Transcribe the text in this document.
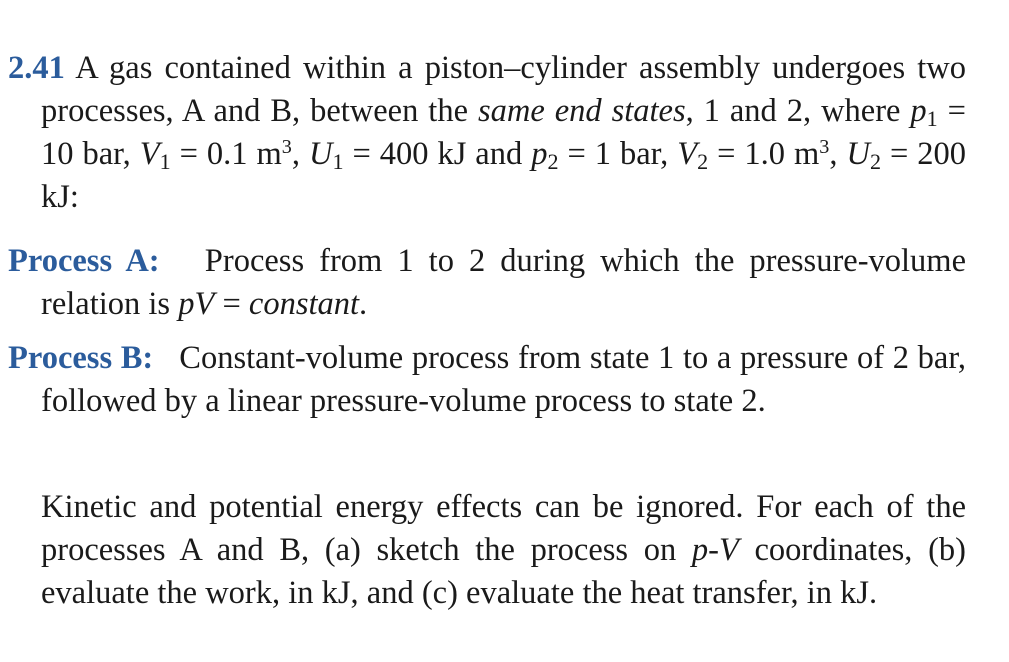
2.41 A gas contained within a piston–cylinder assembly undergoes two processes, A and B, between the same end states, 1 and 2, where $p_1 = 10$ bar, $V_1 = 0.1$ $m^3$, $U_1 = 400$ kJ and $p_2 = 1$ bar, $V_2 = 1.0$ $m^3$, $U_2 = 200$ kJ:
Process A: Process from 1 to 2 during which the pressure-volume relation is pV = constant.
Process B: Constant-volume process from state 1 to a pressure of 2 bar, followed by a linear pressure-volume process to state 2.
Kinetic and potential energy effects can be ignored. For each of the processes A and B, (a) sketch the process on p-V coordinates, (b) evaluate the work, in kJ, and (c) evaluate the heat transfer, in kJ.
